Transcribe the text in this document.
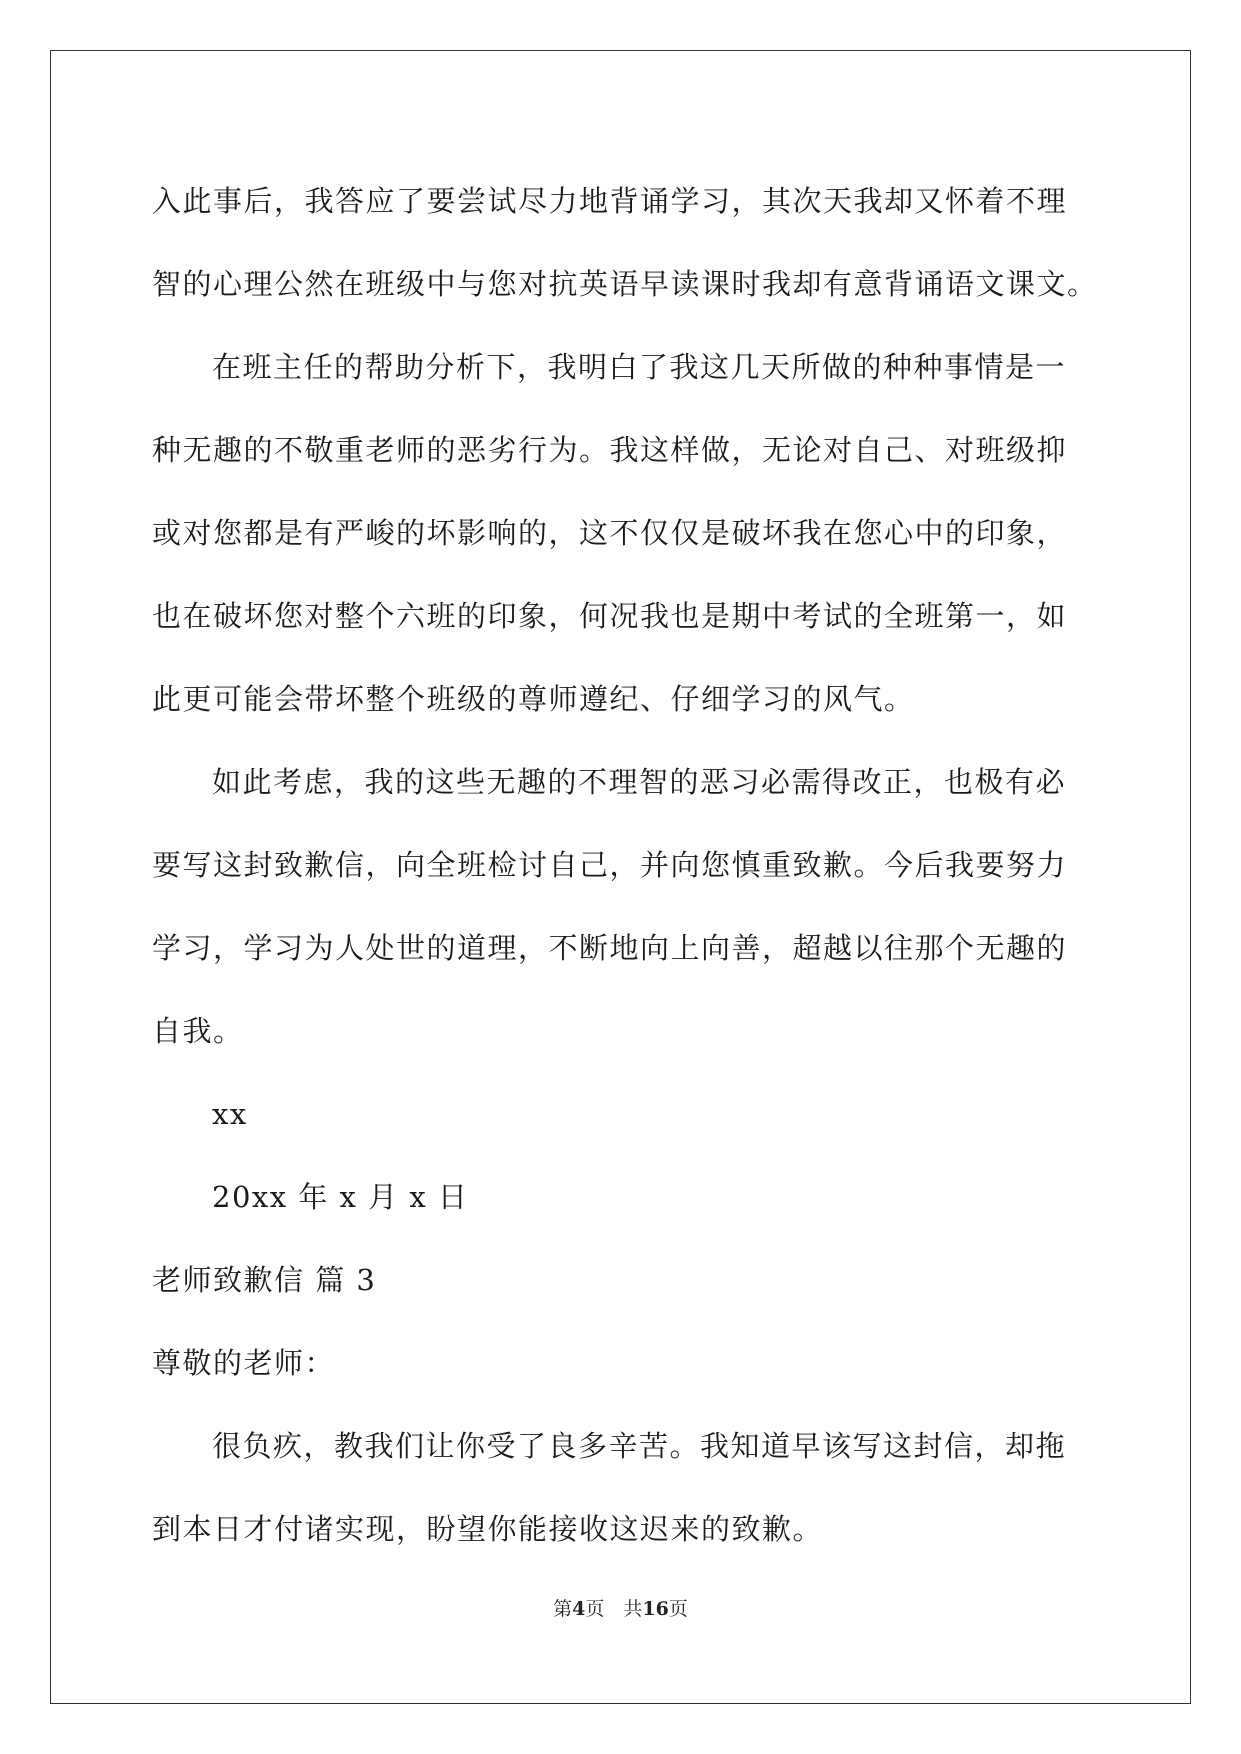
入此事后，我答应了要尝试尽力地背诵学习，其次天我却又怀着不理
智的心理公然在班级中与您对抗英语早读课时我却有意背诵语文课文。
在班主任的帮助分析下，我明白了我这几天所做的种种事情是一
种无趣的不敬重老师的恶劣行为。我这样做，无论对自己、对班级抑
或对您都是有严峻的坏影响的，这不仅仅是破坏我在您心中的印象，
也在破坏您对整个六班的印象，何况我也是期中考试的全班第一，如
此更可能会带坏整个班级的尊师遵纪、仔细学习的风气。
如此考虑，我的这些无趣的不理智的恶习必需得改正，也极有必
要写这封致歉信，向全班检讨自己，并向您慎重致歉。今后我要努力
学习，学习为人处世的道理，不断地向上向善，超越以往那个无趣的
自我。
xx
20xx 年 x 月 x 日
老师致歉信 篇 3
尊敬的老师：
很负疚，教我们让你受了良多辛苦。我知道早该写这封信，却拖
到本日才付诸实现，盼望你能接收这迟来的致歉。
第4页　共16页
